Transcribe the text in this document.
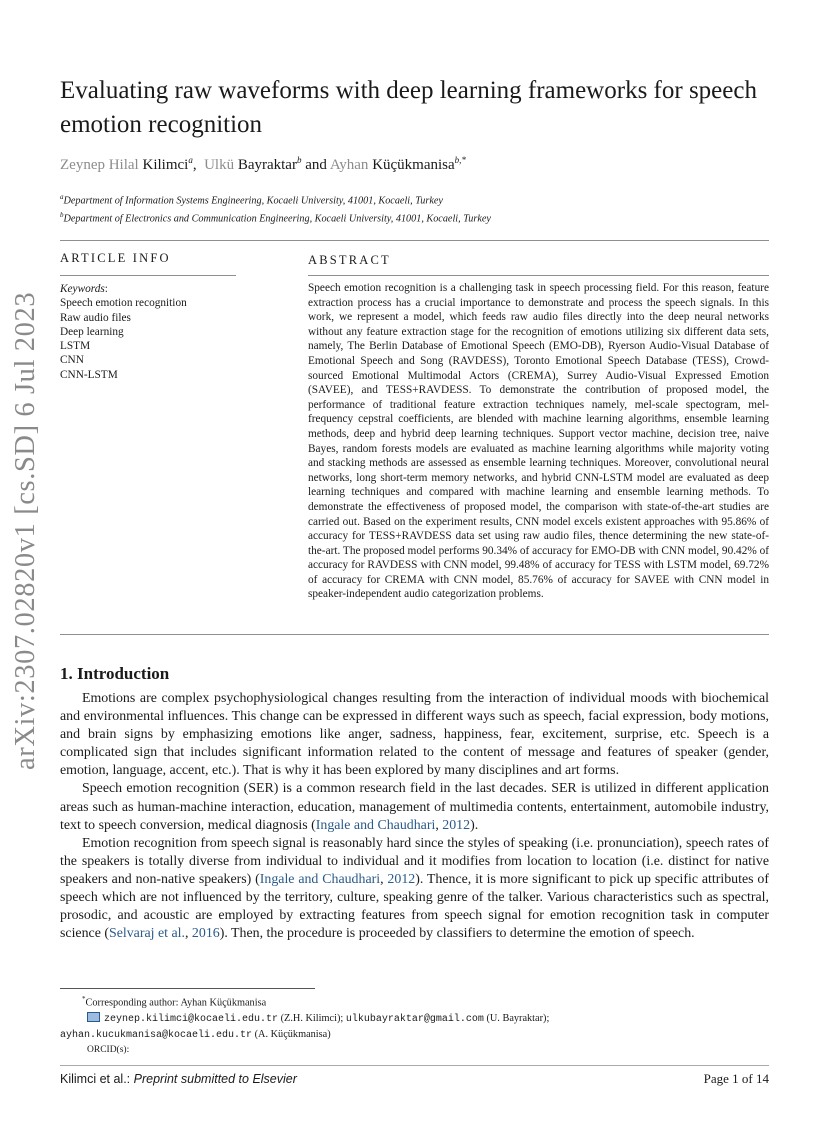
arXiv:2307.02820v1 [cs.SD] 6 Jul 2023
Evaluating raw waveforms with deep learning frameworks for speech emotion recognition
Zeynep Hilal Kilimci$^a$,  Ulkü Bayraktar$^b$ and Ayhan Küçükmanisa$^{b,*}$
$^a$Department of Information Systems Engineering, Kocaeli University, 41001, Kocaeli, Turkey
$^b$Department of Electronics and Communication Engineering, Kocaeli University, 41001, Kocaeli, Turkey
ARTICLE INFO
Keywords:
Speech emotion recognition
Raw audio files
Deep learning
LSTM
CNN
CNN-LSTM
ABSTRACT
Speech emotion recognition is a challenging task in speech processing field. For this reason, feature extraction process has a crucial importance to demonstrate and process the speech signals. In this work, we represent a model, which feeds raw audio files directly into the deep neural networks without any feature extraction stage for the recognition of emotions utilizing six different data sets, namely, The Berlin Database of Emotional Speech (EMO-DB), Ryerson Audio-Visual Database of Emotional Speech and Song (RAVDESS), Toronto Emotional Speech Database (TESS), Crowd-sourced Emotional Multimodal Actors (CREMA), Surrey Audio-Visual Expressed Emotion (SAVEE), and TESS+RAVDESS. To demonstrate the contribution of proposed model, the performance of traditional feature extraction techniques namely, mel-scale spectogram, mel-frequency cepstral coefficients, are blended with machine learning algorithms, ensemble learning methods, deep and hybrid deep learning techniques. Support vector machine, decision tree, naive Bayes, random forests models are evaluated as machine learning algorithms while majority voting and stacking methods are assessed as ensemble learning techniques. Moreover, convolutional neural networks, long short-term memory networks, and hybrid CNN-LSTM model are evaluated as deep learning techniques and compared with machine learning and ensemble learning methods. To demonstrate the effectiveness of proposed model, the comparison with state-of-the-art studies are carried out. Based on the experiment results, CNN model excels existent approaches with 95.86% of accuracy for TESS+RAVDESS data set using raw audio files, thence determining the new state-of-the-art. The proposed model performs 90.34% of accuracy for EMO-DB with CNN model, 90.42% of accuracy for RAVDESS with CNN model, 99.48% of accuracy for TESS with LSTM model, 69.72% of accuracy for CREMA with CNN model, 85.76% of accuracy for SAVEE with CNN model in speaker-independent audio categorization problems.
1. Introduction

Emotions are complex psychophysiological changes resulting from the interaction of individual moods with biochemical and environmental influences. This change can be expressed in different ways such as speech, facial expression, body motions, and brain signs by emphasizing emotions like anger, sadness, happiness, fear, excitement, surprise, etc. Speech is a complicated sign that includes significant information related to the content of message and features of speaker (gender, emotion, language, accent, etc.). That is why it has been explored by many disciplines and art forms.

Speech emotion recognition (SER) is a common research field in the last decades. SER is utilized in different application areas such as human-machine interaction, education, management of multimedia contents, entertainment, automobile industry, text to speech conversion, medical diagnosis (Ingale and Chaudhari, 2012).

Emotion recognition from speech signal is reasonably hard since the styles of speaking (i.e. pronunciation), speech rates of the speakers is totally diverse from individual to individual and it modifies from location to location (i.e. distinct for native speakers and non-native speakers) (Ingale and Chaudhari, 2012). Thence, it is more significant to pick up specific attributes of speech which are not influenced by the territory, culture, speaking genre of the talker. Various characteristics such as spectral, prosodic, and acoustic are employed by extracting features from speech signal for emotion recognition task in computer science (Selvaraj et al., 2016). Then, the procedure is proceeded by classifiers to determine the emotion of speech.

*Corresponding author: Ayhan Küçükmanisa
zeynep.kilimci@kocaeli.edu.tr (Z.H. Kilimci); ulkubayraktar@gmail.com (U. Bayraktar);
ayhan.kucukmanisa@kocaeli.edu.tr (A. Küçükmanisa)
ORCID(s):
Kilimci et al.: Preprint submitted to Elsevier	Page 1 of 14
